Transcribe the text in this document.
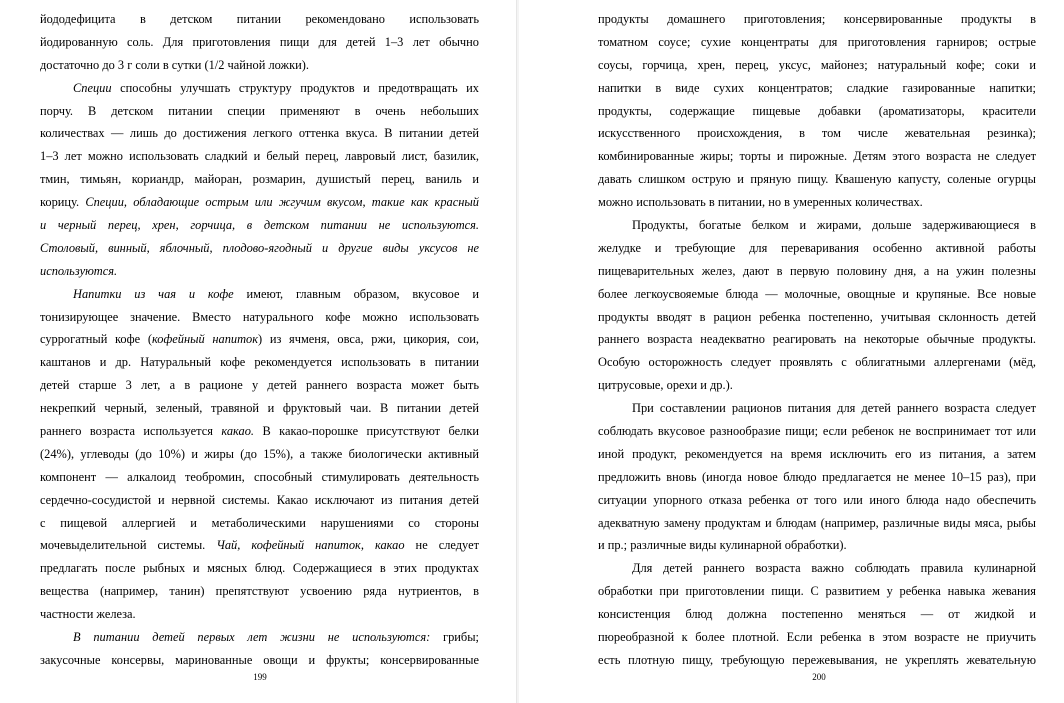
йододефицита в детском питании рекомендовано использовать
йодированную соль. Для приготовления пищи для детей 1–3 лет обычно
достаточно до 3 г соли в сутки (1/2 чайной ложки).
Специи способны улучшать структуру продуктов и предотвращать их
порчу. В детском питании специи применяют в очень небольших
количествах — лишь до достижения легкого оттенка вкуса. В питании детей
1–3 лет можно использовать сладкий и белый перец, лавровый лист, базилик,
тмин, тимьян, кориандр, майоран, розмарин, душистый перец, ваниль и
корицу. Специи, обладающие острым или жгучим вкусом, такие как красный
и черный перец, хрен, горчица, в детском питании не используются.
Столовый, винный, яблочный, плодово-ягодный и другие виды уксусов не
используются.
Напитки из чая и кофе имеют, главным образом, вкусовое и
тонизирующее значение. Вместо натурального кофе можно использовать
суррогатный кофе (кофейный напиток) из ячменя, овса, ржи, цикория, сои,
каштанов и др. Натуральный кофе рекомендуется использовать в питании
детей старше 3 лет, а в рационе у детей раннего возраста может быть
некрепкий черный, зеленый, травяной и фруктовый чаи. В питании детей
раннего возраста используется какао. В какао-порошке присутствуют белки
(24%), углеводы (до 10%) и жиры (до 15%), а также биологически активный
компонент — алкалоид теобромин, способный стимулировать деятельность
сердечно-сосудистой и нервной системы. Какао исключают из питания детей
с пищевой аллергией и метаболическими нарушениями со стороны
мочевыделительной системы. Чай, кофейный напиток, какао не следует
предлагать после рыбных и мясных блюд. Содержащиеся в этих продуктах
вещества (например, танин) препятствуют усвоению ряда нутриентов, в
частности железа.
В питании детей первых лет жизни не используются: грибы;
закусочные консервы, маринованные овощи и фрукты; консервированные
199
продукты домашнего приготовления; консервированные продукты в
томатном соусе; сухие концентраты для приготовления гарниров; острые
соусы, горчица, хрен, перец, уксус, майонез; натуральный кофе; соки и
напитки в виде сухих концентратов; сладкие газированные напитки;
продукты, содержащие пищевые добавки (ароматизаторы, красители
искусственного происхождения, в том числе жевательная резинка);
комбинированные жиры; торты и пирожные. Детям этого возраста не следует
давать слишком острую и пряную пищу. Квашеную капусту, соленые огурцы
можно использовать в питании, но в умеренных количествах.
Продукты, богатые белком и жирами, дольше задерживающиеся в
желудке и требующие для переваривания особенно активной работы
пищеварительных желез, дают в первую половину дня, а на ужин полезны
более легкоусвояемые блюда — молочные, овощные и крупяные. Все новые
продукты вводят в рацион ребенка постепенно, учитывая склонность детей
раннего возраста неадекватно реагировать на некоторые обычные продукты.
Особую осторожность следует проявлять с облигатными аллергенами (мёд,
цитрусовые, орехи и др.).
При составлении рационов питания для детей раннего возраста следует
соблюдать вкусовое разнообразие пищи; если ребенок не воспринимает тот или
иной продукт, рекомендуется на время исключить его из питания, а затем
предложить вновь (иногда новое блюдо предлагается не менее 10–15 раз), при
ситуации упорного отказа ребенка от того или иного блюда надо обеспечить
адекватную замену продуктам и блюдам (например, различные виды мяса, рыбы
и пр.; различные виды кулинарной обработки).
Для детей раннего возраста важно соблюдать правила кулинарной
обработки при приготовлении пищи. С развитием у ребенка навыка жевания
консистенция блюд должна постепенно меняться — от жидкой и
пюреобразной к более плотной. Если ребенка в этом возрасте не приучить
есть плотную пищу, требующую пережевывания, не укреплять жевательную
200
